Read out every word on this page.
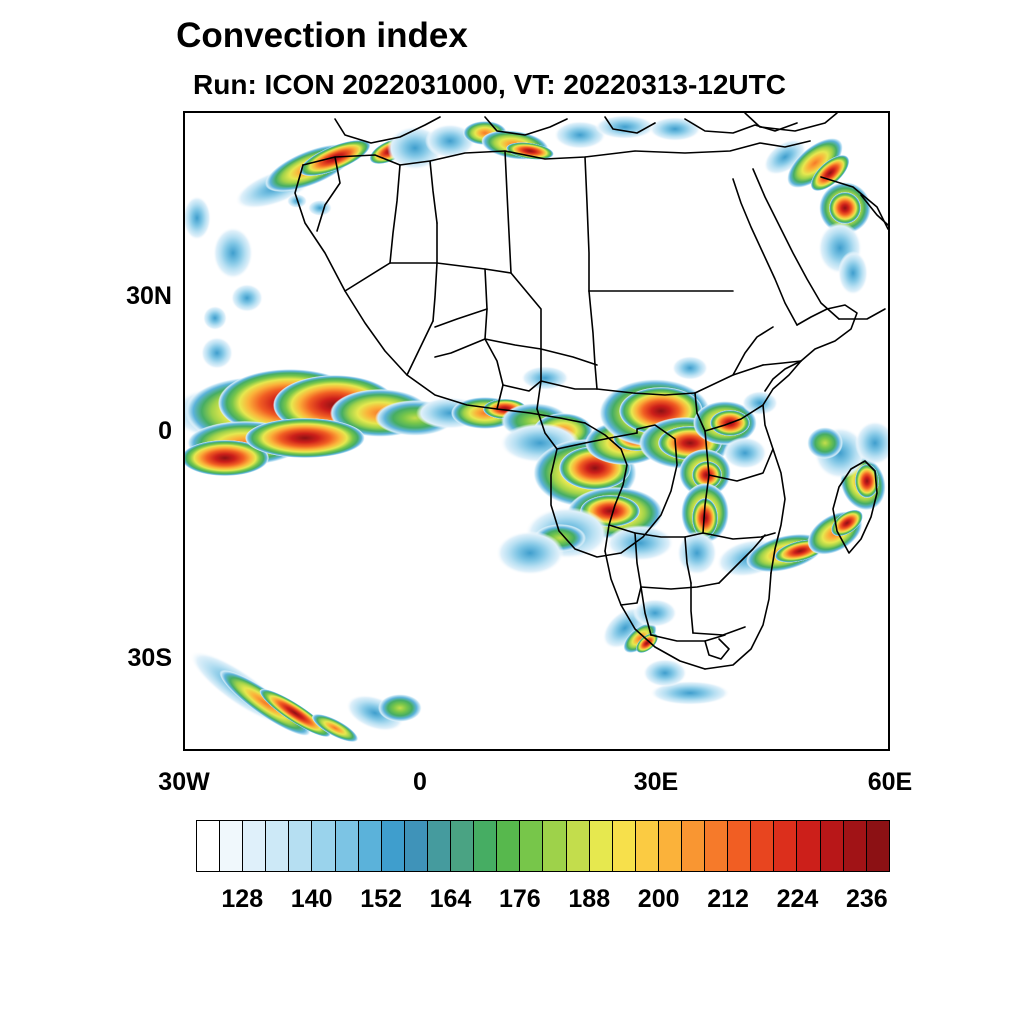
Convection index
Run: ICON 2022031000, VT: 20220313-12UTC
30N
0
30S
30W	0	30E	60E
128	140	152	164	176	188	200	212	224	236
